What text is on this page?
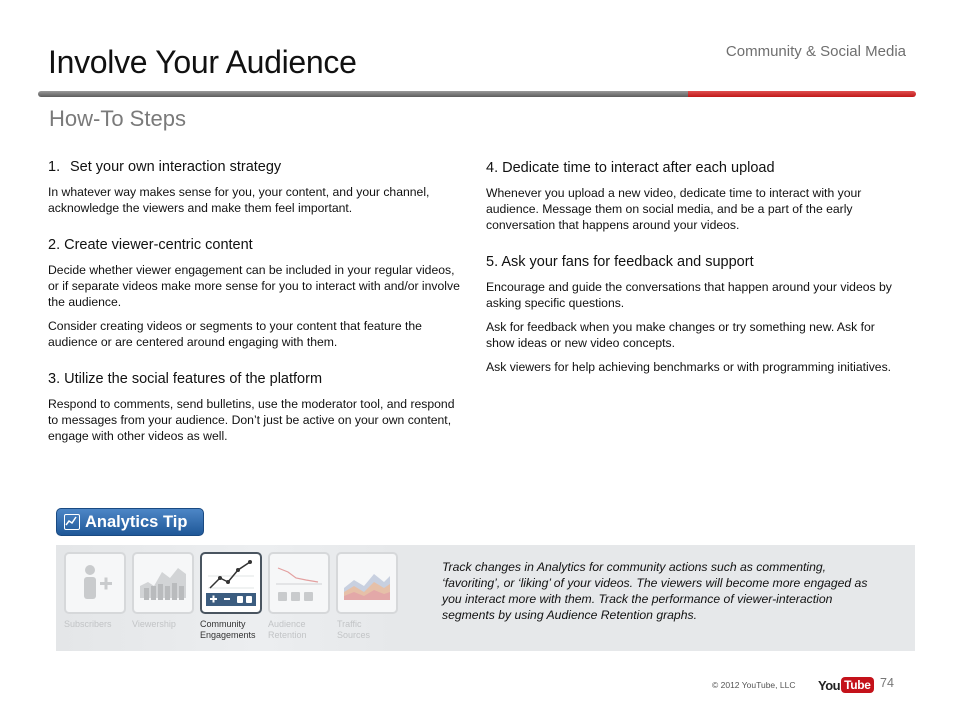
Involve Your Audience	Community & Social Media
How-To Steps
1. Set your own interaction strategy

In whatever way makes sense for you, your content, and your channel, acknowledge the viewers and make them feel important.

2. Create viewer-centric content

Decide whether viewer engagement can be included in your regular videos, or if separate videos make more sense for you to interact with and/or involve the audience.

Consider creating videos or segments to your content that feature the audience or are centered around engaging with them.

3. Utilize the social features of the platform

Respond to comments, send bulletins, use the moderator tool, and respond to messages from your audience. Don’t just be active on your own content, engage with other videos as well.

4. Dedicate time to interact after each upload

Whenever you upload a new video, dedicate time to interact with your audience. Message them on social media, and be a part of the early conversation that happens around your videos.

5. Ask your fans for feedback and support

Encourage and guide the conversations that happen around your videos by asking specific questions.

Ask for feedback when you make changes or try something new. Ask for show ideas or new video concepts.

Ask viewers for help achieving benchmarks or with programming initiatives.

Analytics Tip
Subscribers Viewership	Community
Engagements
Audience
Retention
Traffic
Sources
Track changes in Analytics for community actions such as commenting, ‘favoriting’, or ‘liking’ of your videos. The viewers will become more engaged as you interact more with them. Track the performance of viewer-interaction segments by using Audience Retention graphs.
© 2012 YouTube, LLC You Tube 74
